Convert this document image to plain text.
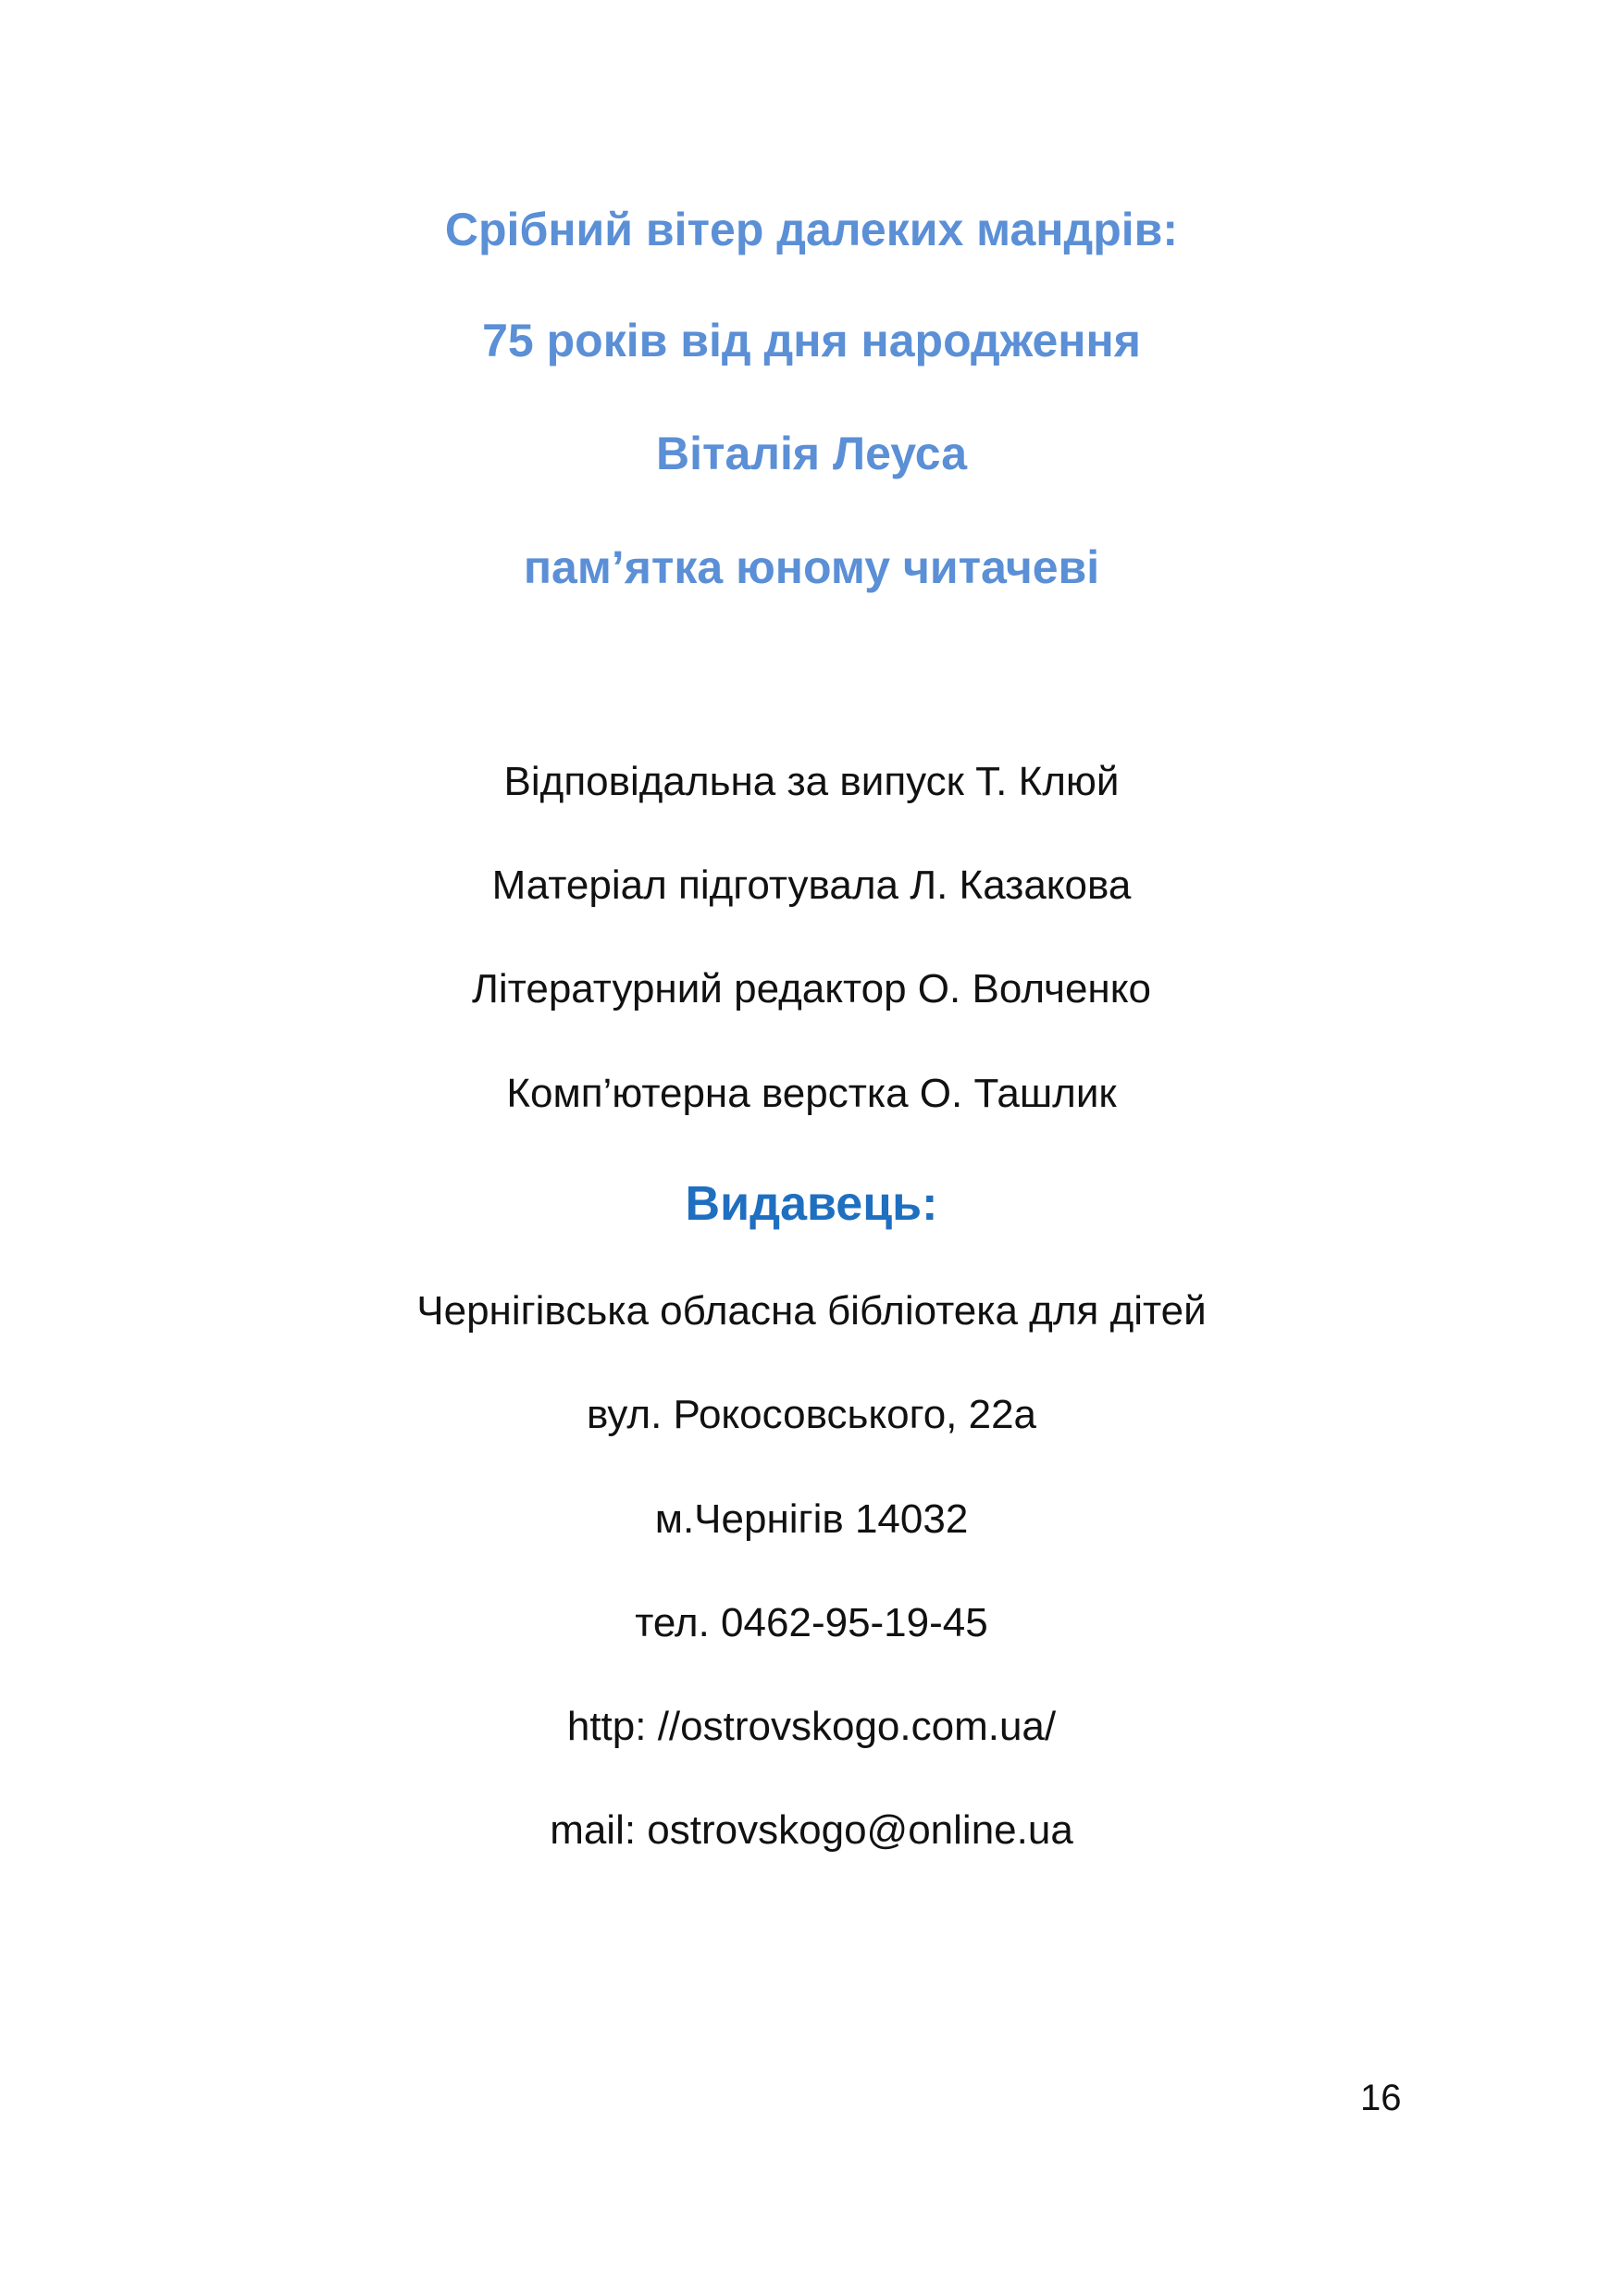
Срібний вітер далеких мандрів:
75 років від дня народження
Віталія Леуса
пам’ятка юному читачеві
Відповідальна за випуск Т. Клюй
Матеріал підготувала Л. Казакова
Літературний редактор О. Волченко
Комп’ютерна верстка О. Ташлик
Видавець:
Чернігівська обласна бібліотека для дітей
вул. Рокосовського, 22а
м.Чернігів 14032
тел. 0462-95-19-45
http: //ostrovskogo.com.ua/
mail: ostrovskogo@online.ua
16
